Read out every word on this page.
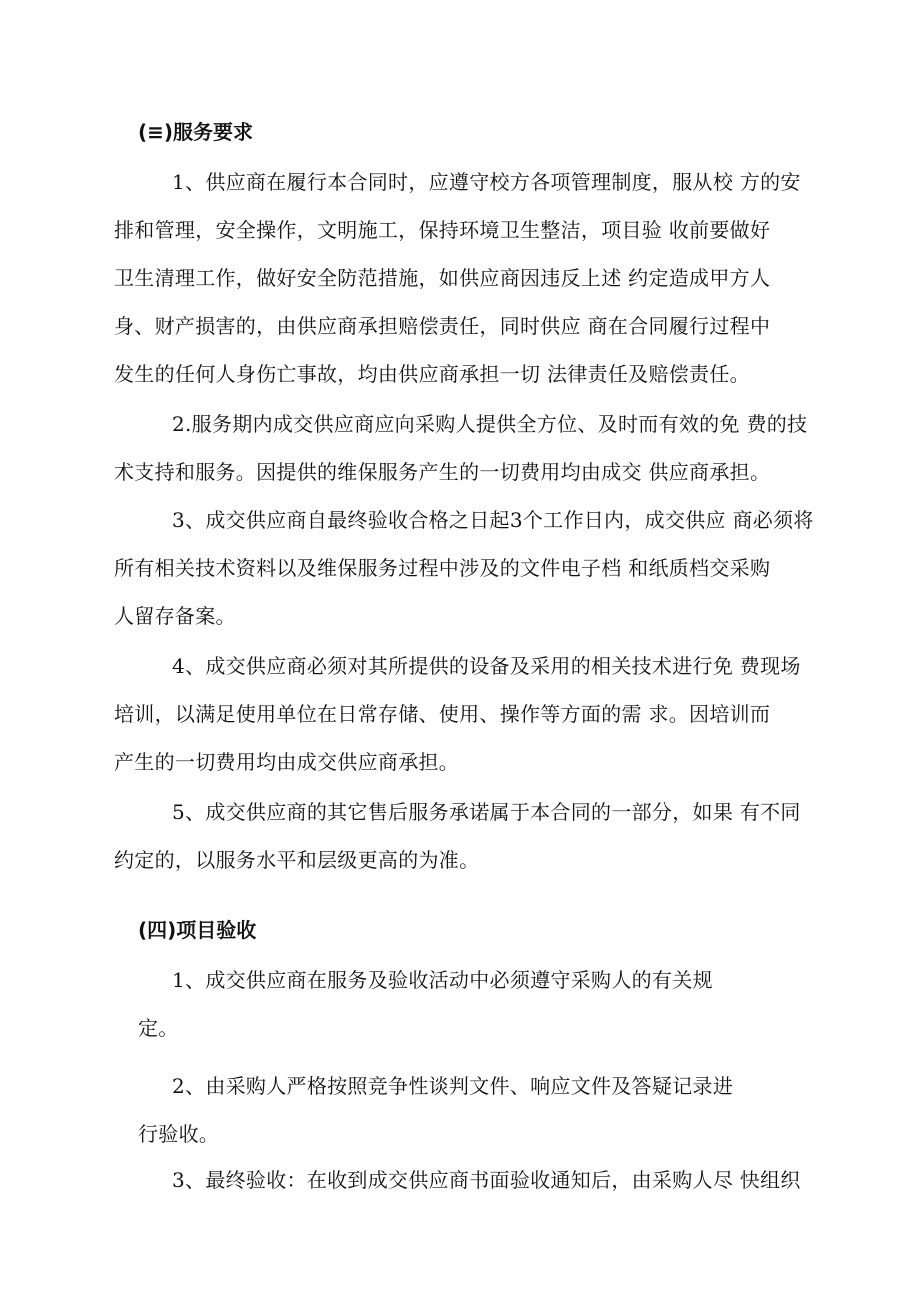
(≡)服务要求
1、供应商在履行本合同时，应遵守校方各项管理制度，服从校 方的安
排和管理，安全操作，文明施工，保持环境卫生整洁，项目验 收前要做好
卫生清理工作，做好安全防范措施，如供应商因违反上述 约定造成甲方人
身、财产损害的，由供应商承担赔偿责任，同时供应 商在合同履行过程中
发生的任何人身伤亡事故，均由供应商承担一切 法律责任及赔偿责任。
2.服务期内成交供应商应向采购人提供全方位、及时而有效的免 费的技
术支持和服务。因提供的维保服务产生的一切费用均由成交 供应商承担。
3、成交供应商自最终验收合格之日起3个工作日内，成交供应 商必须将
所有相关技术资料以及维保服务过程中涉及的文件电子档 和纸质档交采购
人留存备案。
4、成交供应商必须对其所提供的设备及采用的相关技术进行免 费现场
培训，以满足使用单位在日常存储、使用、操作等方面的需 求。因培训而
产生的一切费用均由成交供应商承担。
5、成交供应商的其它售后服务承诺属于本合同的一部分，如果 有不同
约定的，以服务水平和层级更高的为准。
(四)项目验收
1、成交供应商在服务及验收活动中必须遵守采购人的有关规
定。
2、由采购人严格按照竞争性谈判文件、响应文件及答疑记录进
行验收。
3、最终验收：在收到成交供应商书面验收通知后，由采购人尽 快组织
